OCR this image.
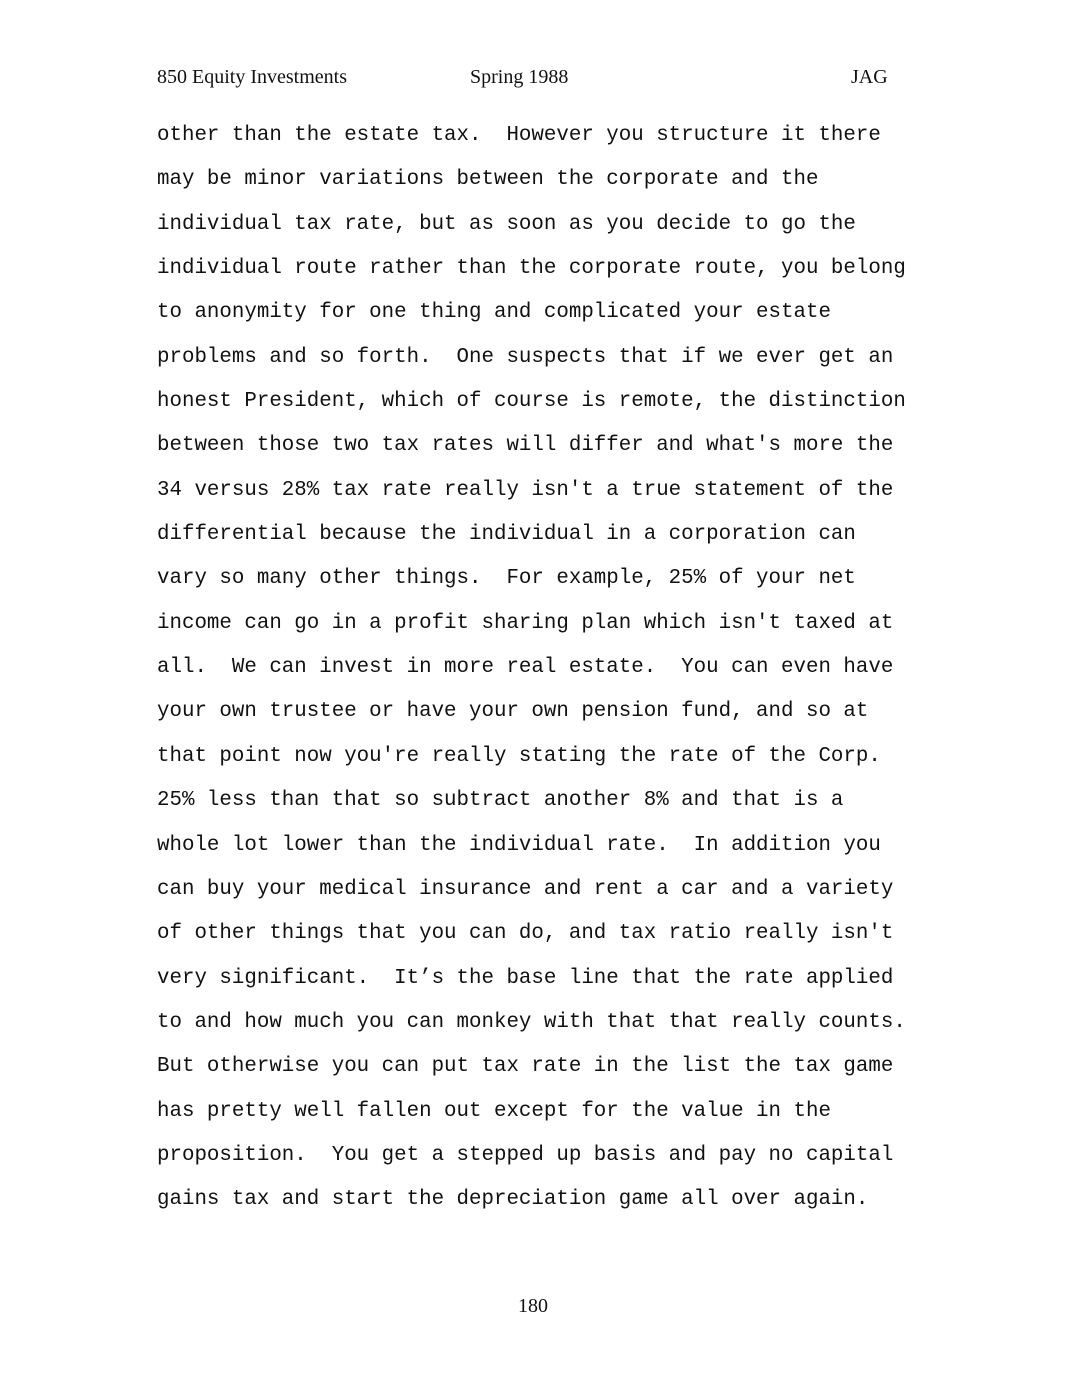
850 Equity Investments	Spring 1988	JAG
other than the estate tax.  However you structure it there
may be minor variations between the corporate and the
individual tax rate, but as soon as you decide to go the
individual route rather than the corporate route, you belong
to anonymity for one thing and complicated your estate
problems and so forth.  One suspects that if we ever get an
honest President, which of course is remote, the distinction
between those two tax rates will differ and what's more the
34 versus 28% tax rate really isn't a true statement of the
differential because the individual in a corporation can
vary so many other things.  For example, 25% of your net
income can go in a profit sharing plan which isn't taxed at
all.  We can invest in more real estate.  You can even have
your own trustee or have your own pension fund, and so at
that point now you're really stating the rate of the Corp.
25% less than that so subtract another 8% and that is a
whole lot lower than the individual rate.  In addition you
can buy your medical insurance and rent a car and a variety
of other things that you can do, and tax ratio really isn't
very significant.  It’s the base line that the rate applied
to and how much you can monkey with that that really counts.
But otherwise you can put tax rate in the list the tax game
has pretty well fallen out except for the value in the
proposition.  You get a stepped up basis and pay no capital
gains tax and start the depreciation game all over again.
180
